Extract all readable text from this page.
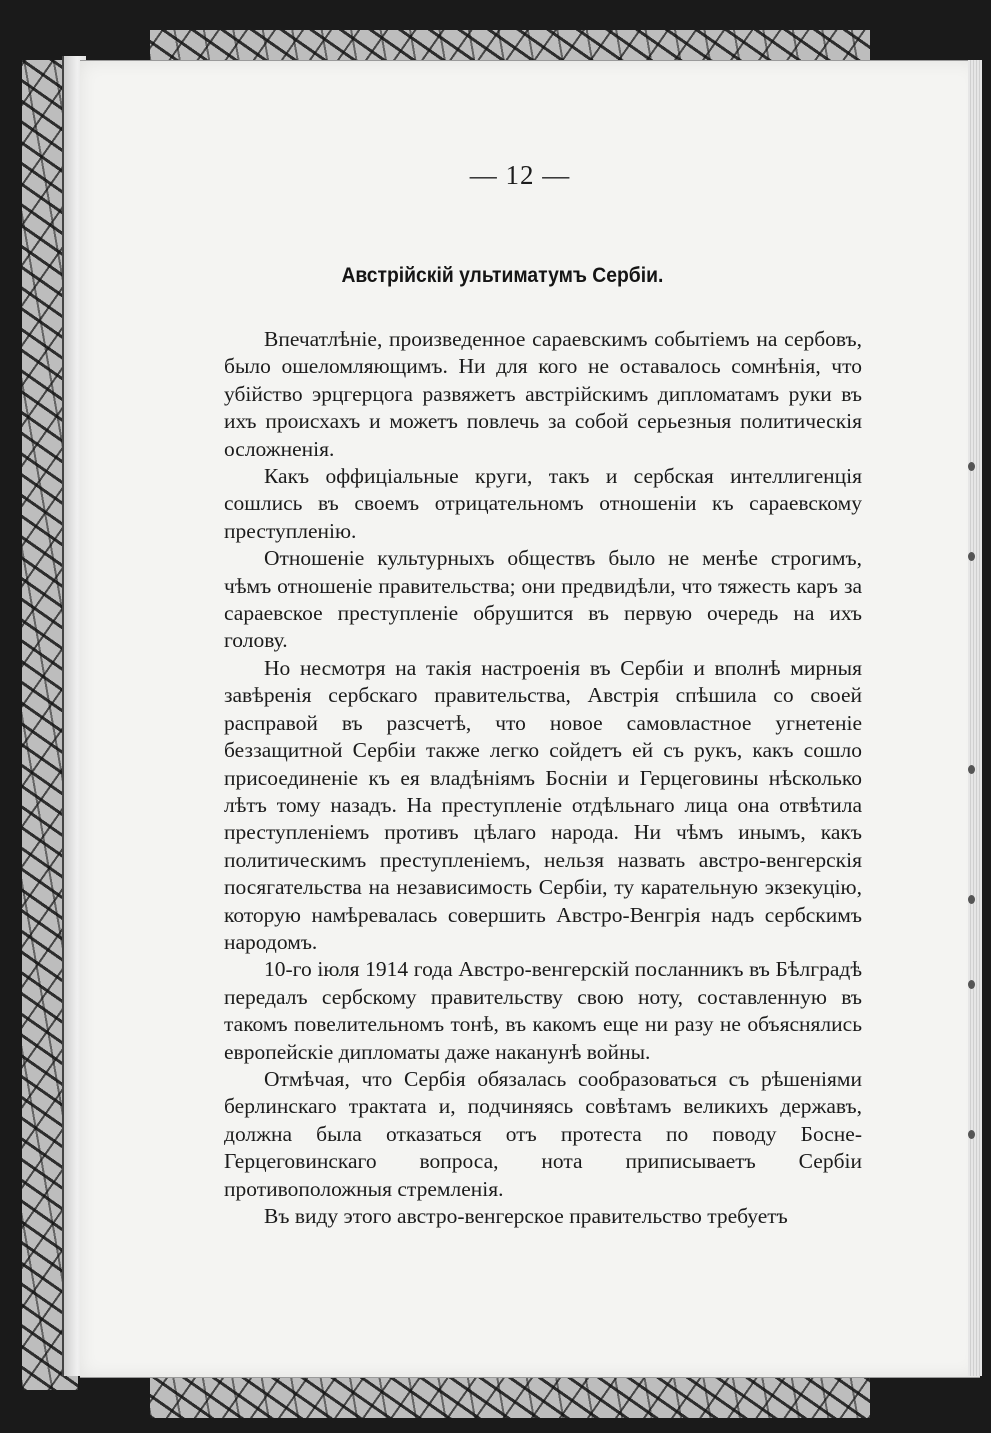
— 12 —
Австрійскій ультиматумъ Сербіи.

Впечатлѣніе, произведенное сараевскимъ событіемъ на сербовъ, было ошеломляющимъ. Ни для кого не оставалось сомнѣнія, что убійство эрцгерцога развяжетъ австрійскимъ дипломатамъ руки въ ихъ происхахъ и можетъ повлечь за собой серьезныя политическія осложненія.

Какъ оффиціальные круги, такъ и сербская интеллигенція сошлись въ своемъ отрицательномъ отношеніи къ сараевскому преступленію.

Отношеніе культурныхъ обществъ было не менѣе строгимъ, чѣмъ отношеніе правительства; они предвидѣли, что тяжесть каръ за сараевское преступленіе обрушится въ первую очередь на ихъ голову.

Но несмотря на такія настроенія въ Сербіи и вполнѣ мирныя завѣренія сербскаго правительства, Австрія спѣшила со своей расправой въ разсчетѣ, что новое самовластное угнетеніе беззащитной Сербіи также легко сойдетъ ей съ рукъ, какъ сошло присоединеніе къ ея владѣніямъ Босніи и Герцеговины нѣсколько лѣтъ тому назадъ. На преступленіе отдѣльнаго лица она отвѣтила преступленіемъ противъ цѣлаго народа. Ни чѣмъ инымъ, какъ политическимъ преступленіемъ, нельзя назвать австро-венгерскія посягательства на независимость Сербіи, ту карательную экзекуцію, которую намѣревалась совершить Австро-Венгрія надъ сербскимъ народомъ.

10-го іюля 1914 года Австро-венгерскій посланникъ въ Бѣлградѣ передалъ сербскому правительству свою ноту, составленную въ такомъ повелительномъ тонѣ, въ какомъ еще ни разу не объяснялись европейскіе дипломаты даже наканунѣ войны.

Отмѣчая, что Сербія обязалась сообразоваться съ рѣшеніями берлинскаго трактата и, подчиняясь совѣтамъ великихъ державъ, должна была отказаться отъ протеста по поводу Босне-Герцеговинскаго вопроса, нота приписываетъ Сербіи противоположныя стремленія.

Въ виду этого австро-венгерское правительство требуетъ
